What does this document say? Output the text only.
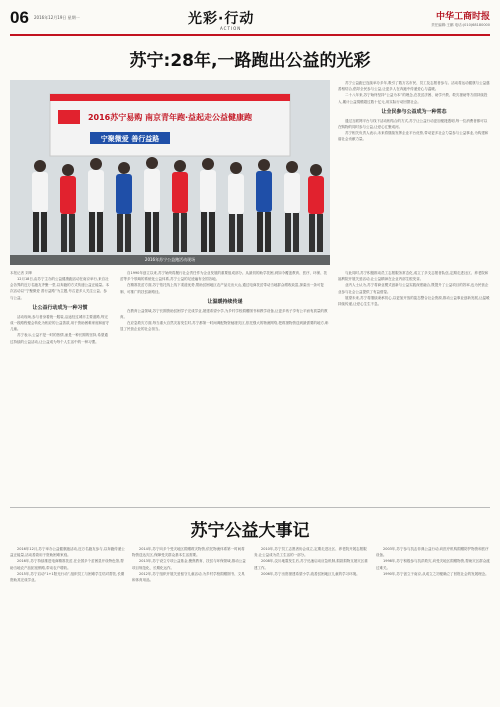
06 2016年12月19日 星期一	光彩·行动
ACTION
中华工商时报
责任编辑:王鹏 电话:(010)68180000
苏宁:28年,一路跑出公益的光彩
2016苏宁易购 南京青年跑·益起走公益健康跑
宁聚微爱 善行益路
2016年苏宁公益跑活动现场

苏宁公益跑已连续举办多年,吸引了数万名市民、员工及志愿者参与。活动将运动健康与公益慈善相结合,倡导全民参与公益,让更多人在奔跑中传递爱心与温暖。

二十八年来,苏宁始终坚持“公益为本”的理念,在扶贫济困、助学兴教、救灾援助等方面持续投入,累计公益捐赠超过数十亿元,用实际行动回馈社会。

让全民参与公益成为一种常态

通过互联网平台与线下活动相结合的方式,苏宁让公益行动更加便捷透明,每一位消费者都可以在购物的同时参与公益,让爱心汇聚成河。

苏宁相关负责人表示,未来将继续发挥企业平台优势,带动更多社会力量参与公益事业,为构建和谐社会贡献力量。

本报记者 刘坤

12月18日,由苏宁主办的公益健康跑活动在南京举行,来自社会各界的近万名跑友齐聚一堂,以奔跑的方式传递公益正能量。本次活动以“宁聚微爱 善行益路”为主题,号召更多人关注公益、参与公益。

让公益行动成为一种习惯

活动现场,参与者身着统一服装,沿途经过城市主要道路,每完成一段路程便会转化为相应的公益善款,用于资助困难家庭和留守儿童。

苏宁表示,公益不是一时的热情,而是一种长期的坚持,希望通过持续的公益活动,让公益成为每个人生活中的一种习惯。

自1990年创立以来,苏宁始终将履行社会责任作为企业发展的重要组成部分。从最初的助学扶困,到如今覆盖教育、医疗、环保、扶贫等多个领域的系统化公益体系,苏宁公益的足迹遍布全国各地。

在精准扶贫方面,苏宁依托线上线下渠道优势,帮助贫困地区农产品走出大山,通过电商扶贫带动当地群众增收致富,探索出一条可复制、可推广的扶贫新路径。

让温暖持续传递

在教育公益领域,苏宁长期资助贫困学子完成学业,援建希望小学,为乡村学校捐赠图书和教学设备,让更多孩子享有公平而有质量的教育。

在应急救灾方面,每当重大自然灾害发生时,苏宁都第一时间调配物资驰援灾区,依托强大的物流网络,把救援物资送到最需要的地方,彰显了民营企业的社会担当。

与此同时,苏宁积极推动员工志愿服务常态化,成立了多支志愿者队伍,定期走进社区、养老院和福利院开展关爱活动,让公益精神在企业内部生根发芽。

业内人士认为,苏宁将商业模式创新与公益实践深度融合,既提升了公益项目的效率,也为民营企业参与社会公益提供了有益借鉴。

展望未来,苏宁将继续秉承初心,以更加开放的姿态整合社会资源,推动公益事业创新发展,让温暖持续传递,让爱心生生不息。

苏宁公益大事记

2016年12月,苏宁举办公益健康跑活动,近万名跑友参与,以奔跑传递公益正能量,活动善款用于资助困难家庭。

2016年,苏宁持续推进电商精准扶贫,在全国多个贫困县开设特色馆,帮助当地农产品拓宽销路,带动农户增收。

2015年,苏宁启动“1+1阳光行动”,组织员工与困难学生结对帮扶,长期资助其完成学业。

2014年,苏宁向多个受灾地区捐赠救灾物资,依托物流体系第一时间将物资送达灾区,保障受灾群众基本生活需要。

2013年,苏宁设立专项公益基金,聚焦教育、扶贫与环保领域,推动公益项目规范化、长期化运作。

2012年,苏宁组织开展关爱留守儿童活动,为乡村学校捐赠图书、文具和体育用品。

2010年,苏宁员工志愿者协会成立,定期走进社区、养老院开展志愿服务,让公益成为员工生活的一部分。

2008年,汶川地震发生后,苏宁迅速启动应急机制,捐款捐物支援灾区重建工作。

2006年,苏宁出资援建希望小学,改善贫困地区儿童的学习环境。

2003年,苏宁参与抗击非典公益行动,向医疗机构捐赠防护物资和医疗设备。

1998年,苏宁积极参与抗洪救灾,向受灾地区捐赠物资,帮助灾区群众渡过难关。

1990年,苏宁创立于南京,从成立之初便确立了回报社会的发展理念。
